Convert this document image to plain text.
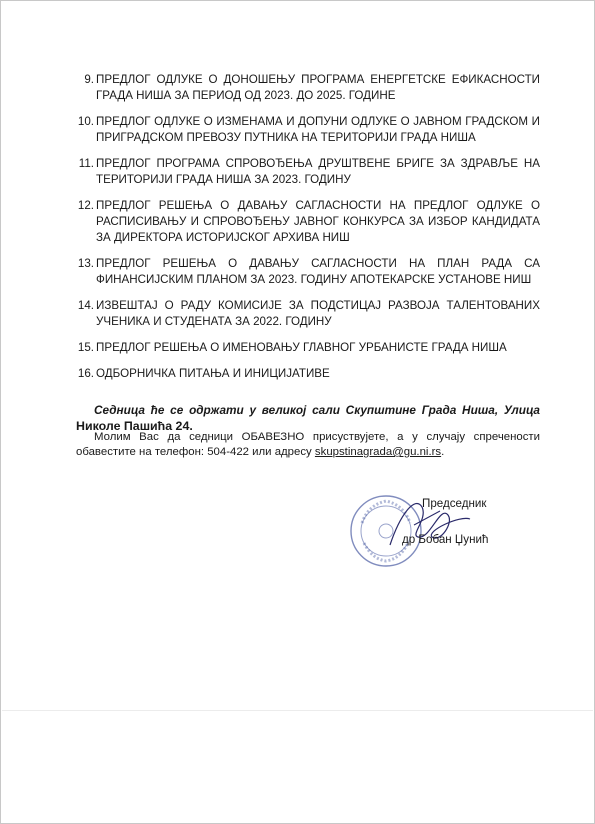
9. ПРЕДЛОГ ОДЛУКЕ О ДОНОШЕЊУ ПРОГРАМА ЕНЕРГЕТСКЕ ЕФИКАСНОСТИ ГРАДА НИША ЗА ПЕРИОД ОД 2023. ДО 2025. ГОДИНЕ
10. ПРЕДЛОГ ОДЛУКЕ О ИЗМЕНАМА И ДОПУНИ ОДЛУКЕ О ЈАВНОМ ГРАДСКОМ И ПРИГРАДСКОМ ПРЕВОЗУ ПУТНИКА НА ТЕРИТОРИЈИ ГРАДА НИША
11. ПРЕДЛОГ ПРОГРАМА СПРОВОЂЕЊА ДРУШТВЕНЕ БРИГЕ ЗА ЗДРАВЉЕ НА ТЕРИТОРИЈИ ГРАДА НИША ЗА 2023. ГОДИНУ
12. ПРЕДЛОГ РЕШЕЊА О ДАВАЊУ САГЛАСНОСТИ НА ПРЕДЛОГ ОДЛУКЕ О РАСПИСИВАЊУ И СПРОВОЂЕЊУ ЈАВНОГ КОНКУРСА ЗА ИЗБОР КАНДИДАТА ЗА ДИРЕКТОРА ИСТОРИЈСКОГ АРХИВА НИШ
13. ПРЕДЛОГ РЕШЕЊА О ДАВАЊУ САГЛАСНОСТИ НА ПЛАН РАДА СА ФИНАНСИЈСКИМ ПЛАНОМ ЗА 2023. ГОДИНУ АПОТЕКАРСКЕ УСТАНОВЕ НИШ
14. ИЗВЕШТАЈ О РАДУ КОМИСИЈЕ ЗА ПОДСТИЦАЈ РАЗВОЈА ТАЛЕНТОВАНИХ УЧЕНИКА И СТУДЕНАТА ЗА 2022. ГОДИНУ
15. ПРЕДЛОГ РЕШЕЊА О ИМЕНОВАЊУ ГЛАВНОГ УРБАНИСТЕ ГРАДА НИША
16. ОДБОРНИЧКА ПИТАЊА И ИНИЦИЈАТИВЕ
Седница ће се одржати у великој сали Скупштине Града Ниша, Улица Николе Пашића 24.
Молим Вас да седници ОБАВЕЗНО присуствујете, а у случају спречености обавестите на телефон: 504-422 или адресу skupstinagrada@gu.ni.rs.
Председник
др Бобан Џунић
